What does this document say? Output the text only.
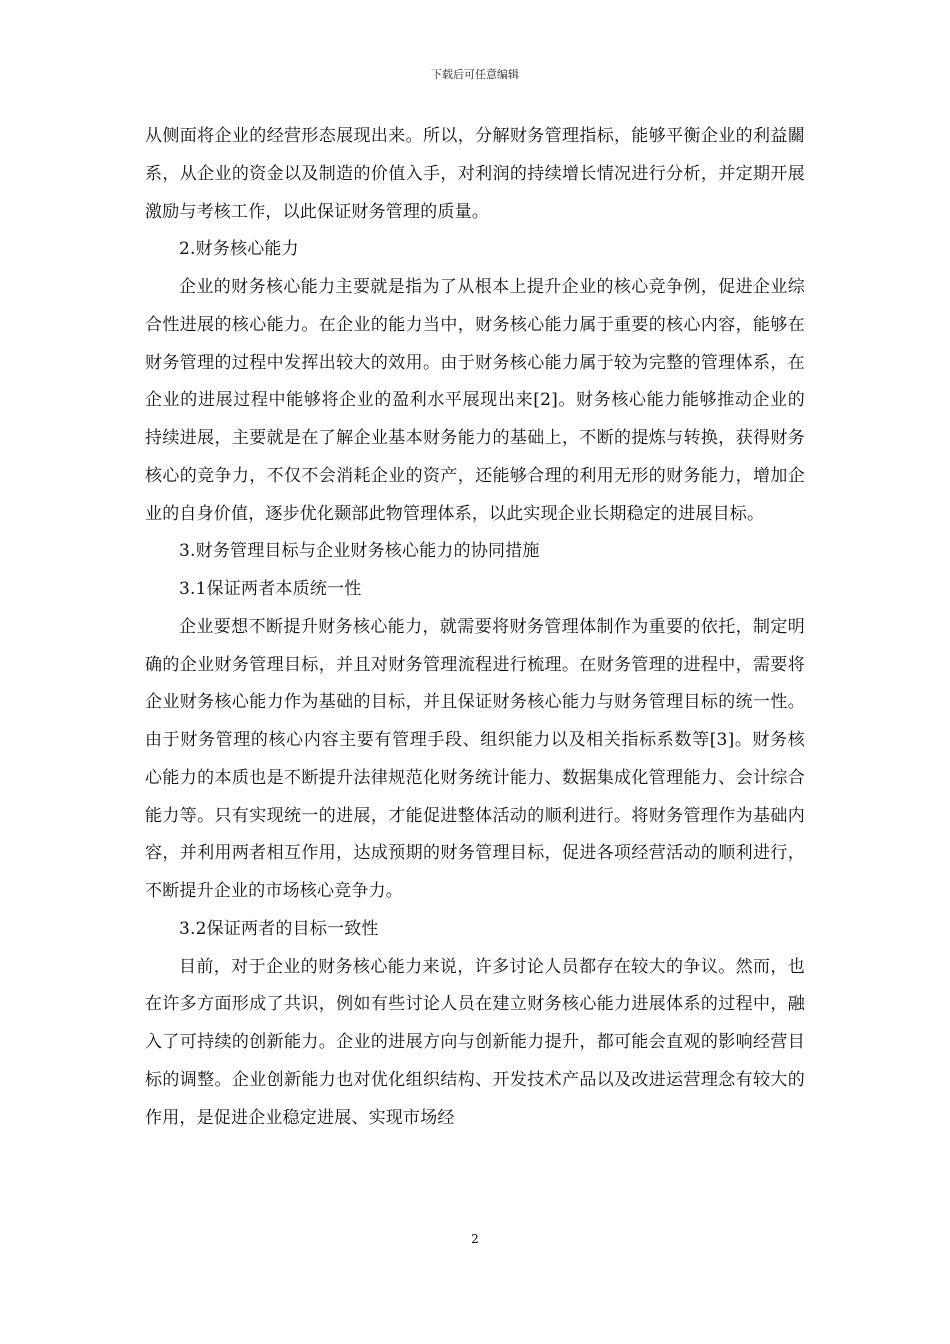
下载后可任意编辑

从侧面将企业的经营形态展现出来。所以，分解财务管理指标，能够平衡企业的利益關系，从企业的资金以及制造的价值入手，对利润的持续增长情况进行分析，并定期开展激励与考核工作，以此保证财务管理的质量。

2.财务核心能力

企业的财务核心能力主要就是指为了从根本上提升企业的核心竞争例，促进企业综合性进展的核心能力。在企业的能力当中，财务核心能力属于重要的核心内容，能够在财务管理的过程中发挥出较大的效用。由于财务核心能力属于较为完整的管理体系，在企业的进展过程中能够将企业的盈利水平展现出来[2]。财务核心能力能够推动企业的持续进展，主要就是在了解企业基本财务能力的基础上，不断的提炼与转换，获得财务核心的竞争力，不仅不会消耗企业的资产，还能够合理的利用无形的财务能力，增加企业的自身价值，逐步优化颞部此物管理体系，以此实现企业长期稳定的进展目标。

3.财务管理目标与企业财务核心能力的协同措施

3.1保证两者本质统一性

企业要想不断提升财务核心能力，就需要将财务管理体制作为重要的依托，制定明确的企业财务管理目标，并且对财务管理流程进行梳理。在财务管理的进程中，需要将企业财务核心能力作为基础的目标，并且保证财务核心能力与财务管理目标的统一性。由于财务管理的核心内容主要有管理手段、组织能力以及相关指标系数等[3]。财务核心能力的本质也是不断提升法律规范化财务统计能力、数据集成化管理能力、会计综合能力等。只有实现统一的进展，才能促进整体活动的顺利进行。将财务管理作为基础内容，并利用两者相互作用，达成预期的财务管理目标，促进各项经营活动的顺利进行，不断提升企业的市场核心竞争力。

3.2保证两者的目标一致性

目前，对于企业的财务核心能力来说，许多讨论人员都存在较大的争议。然而，也在许多方面形成了共识，例如有些讨论人员在建立财务核心能力进展体系的过程中，融入了可持续的创新能力。企业的进展方向与创新能力提升，都可能会直观的影响经营目标的调整。企业创新能力也对优化组织结构、开发技术产品以及改进运营理念有较大的作用，是促进企业稳定进展、实现市场经

2
